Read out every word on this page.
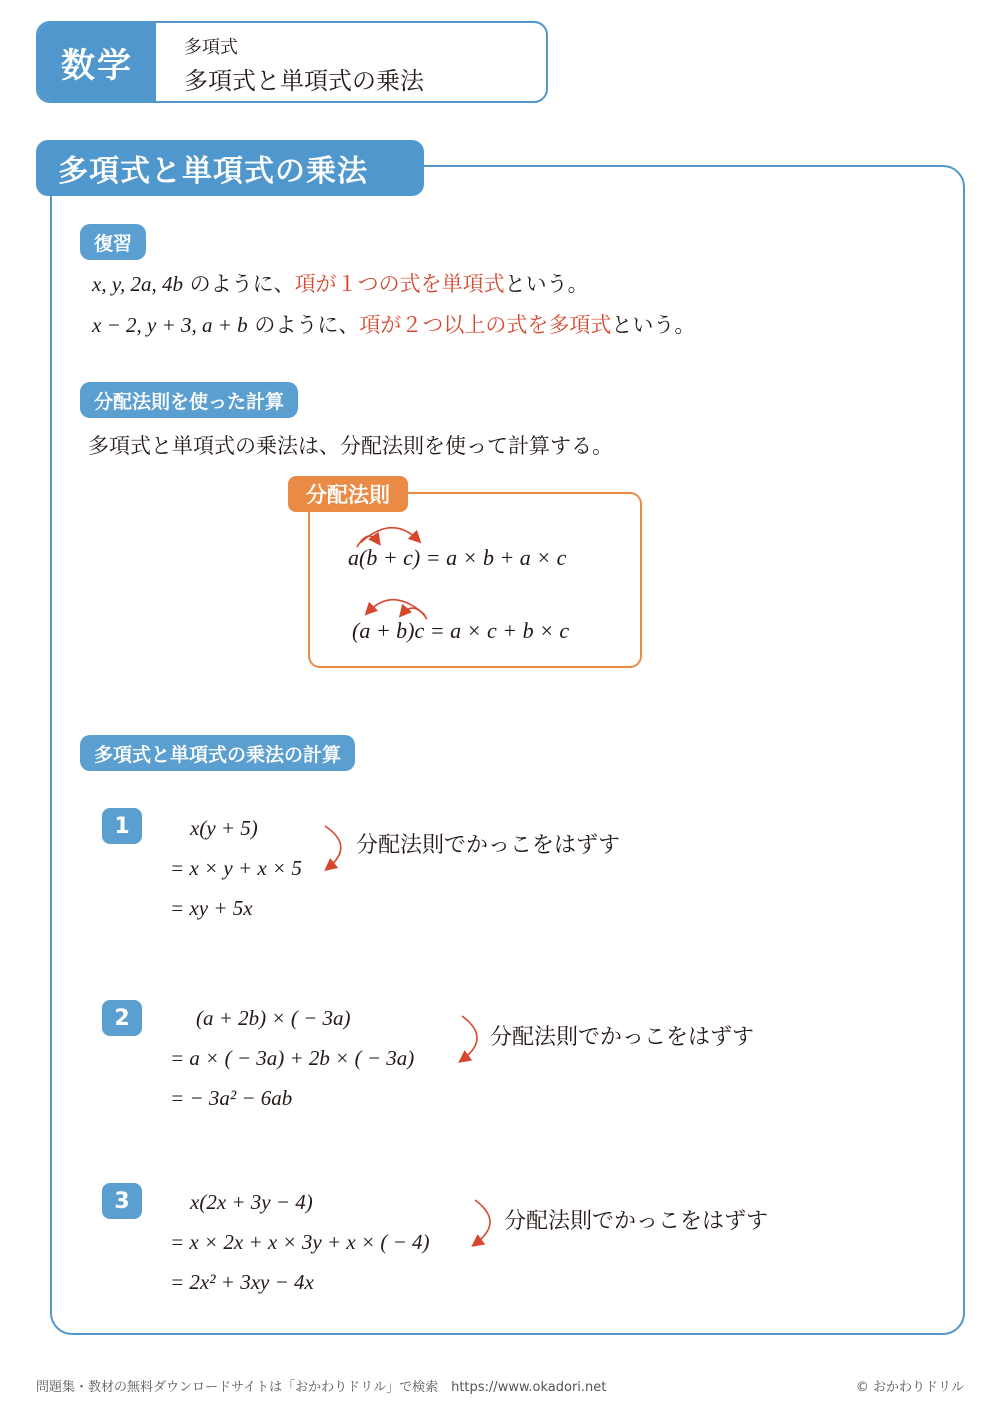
数学	多項式
多項式と単項式の乗法
多項式と単項式の乗法
復習
x, y, 2a, 4b のように、項が１つの式を単項式という。
x − 2, y + 3, a + b のように、項が２つ以上の式を多項式という。
分配法則を使った計算
多項式と単項式の乗法は、分配法則を使って計算する。
分配法則
a(b + c) = a × b + a × c
(a + b)c = a × c + b × c
多項式と単項式の乗法の計算
1	x(y + 5)
= x × y + x × 5
= xy + 5x
分配法則でかっこをはずす
2	(a + 2b) × ( − 3a)
= a × ( − 3a) + 2b × ( − 3a)
= − 3a² − 6ab
分配法則でかっこをはずす
3	x(2x + 3y − 4)
= x × 2x + x × 3y + x × ( − 4)
= 2x² + 3xy − 4x
分配法則でかっこをはずす
問題集・教材の無料ダウンロードサイトは「おかわりドリル」で検索　https://www.okadori.net	© おかわりドリル
